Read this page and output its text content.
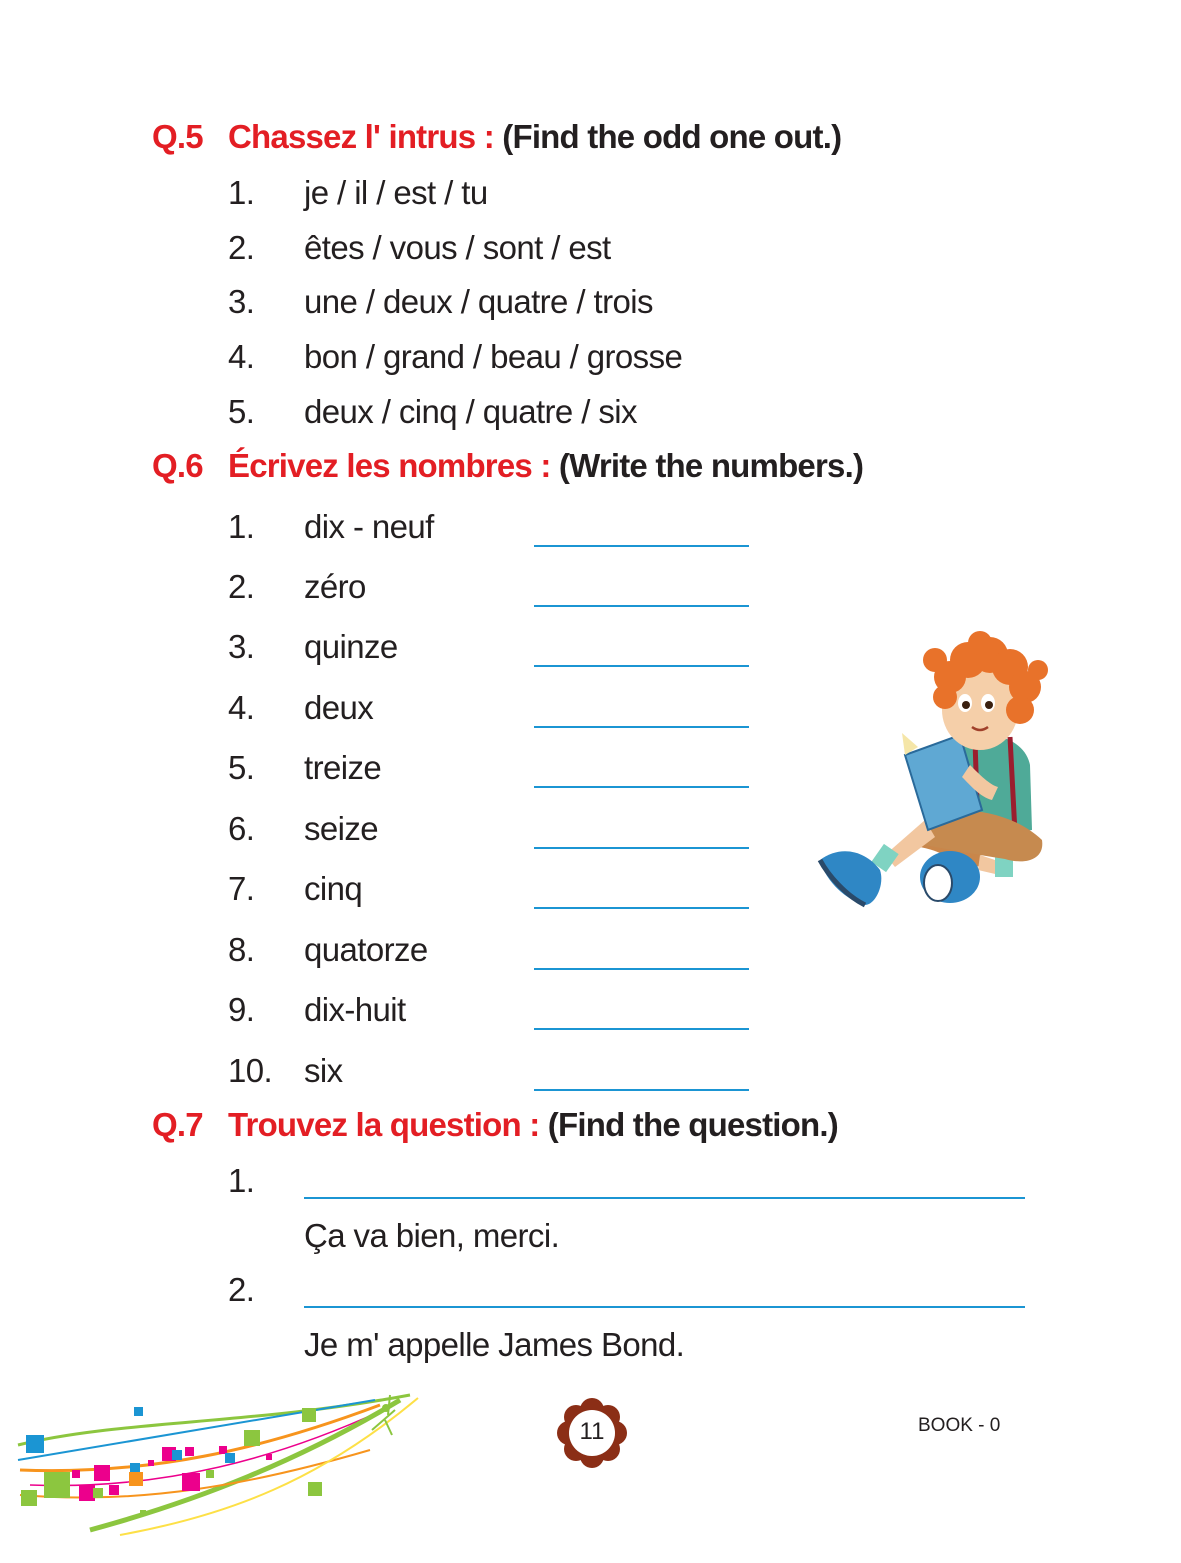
Q.5 Chassez l' intrus : (Find the odd one out.)
1. je / il / est / tu
2. êtes / vous / sont / est
3. une / deux / quatre / trois
4. bon / grand / beau / grosse
5. deux / cinq / quatre / six
Q.6 Écrivez les nombres : (Write the numbers.)
1. dix - neuf
2. zéro
3. quinze
4. deux
5. treize
6. seize
7. cinq
8. quatorze
9. dix-huit
10. six
Q.7 Trouvez la question : (Find the question.)
1.
Ça va bien, merci.
2.
Je m' appelle James Bond.
11	BOOK - 0
